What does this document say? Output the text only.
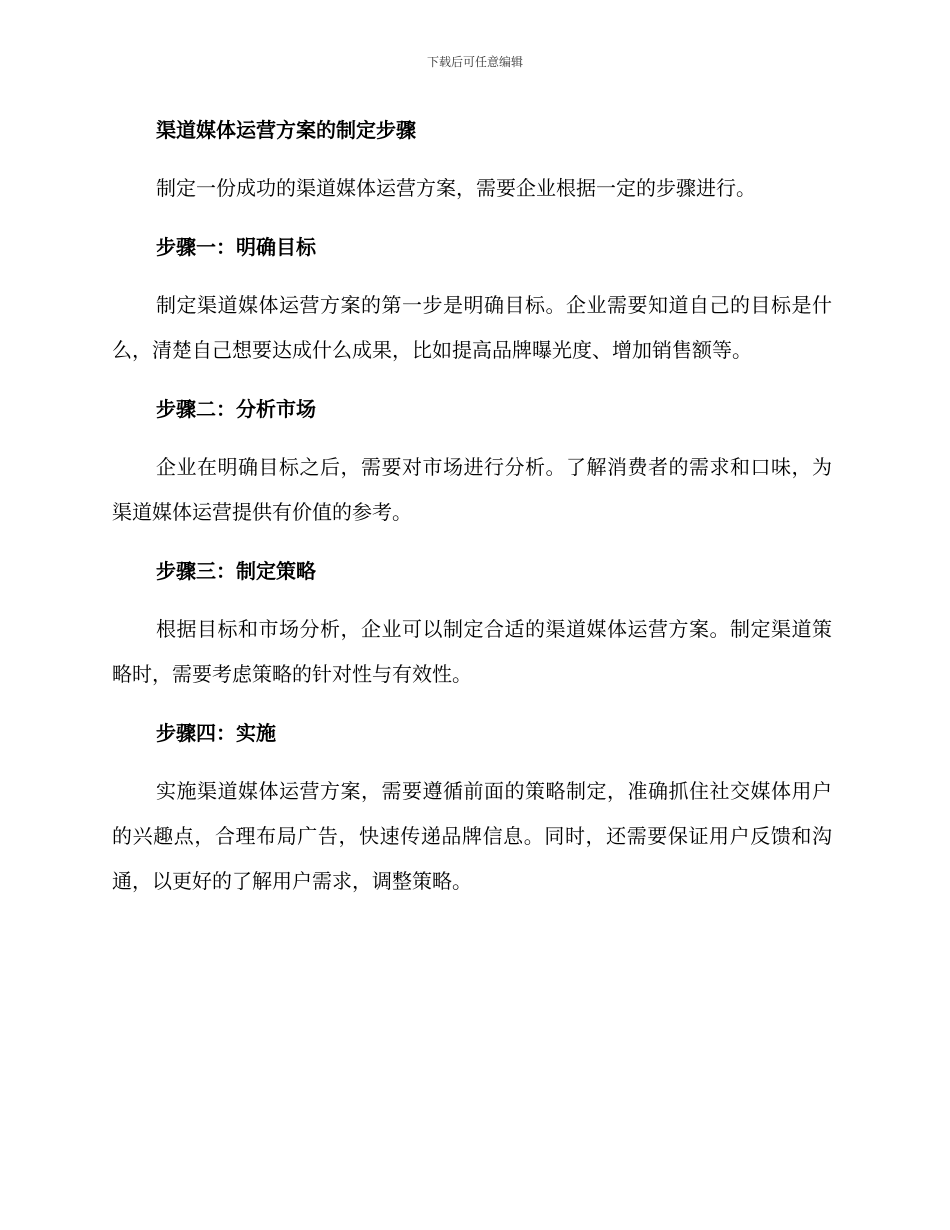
下载后可任意编辑
渠道媒体运营方案的制定步骤

制定一份成功的渠道媒体运营方案，需要企业根据一定的步骤进行。

步骤一：明确目标

制定渠道媒体运营方案的第一步是明确目标。企业需要知道自己的目标是什么，清楚自己想要达成什么成果，比如提高品牌曝光度、增加销售额等。

步骤二：分析市场

企业在明确目标之后，需要对市场进行分析。了解消费者的需求和口味，为渠道媒体运营提供有价值的参考。

步骤三：制定策略

根据目标和市场分析，企业可以制定合适的渠道媒体运营方案。制定渠道策略时，需要考虑策略的针对性与有效性。

步骤四：实施

实施渠道媒体运营方案，需要遵循前面的策略制定，准确抓住社交媒体用户的兴趣点，合理布局广告，快速传递品牌信息。同时，还需要保证用户反馈和沟通，以更好的了解用户需求，调整策略。
